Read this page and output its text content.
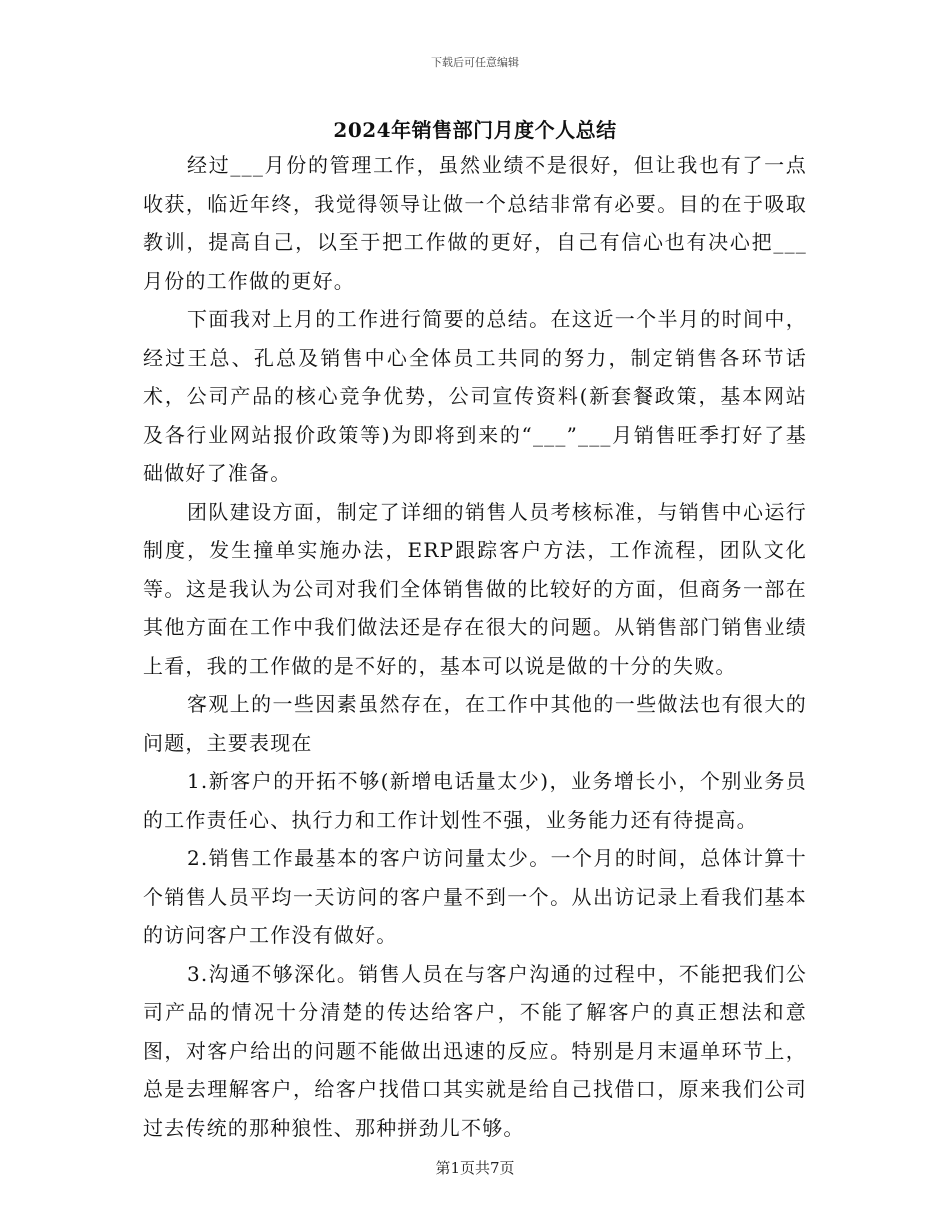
下载后可任意编辑
2024年销售部门月度个人总结

经过___月份的管理工作，虽然业绩不是很好，但让我也有了一点收获，临近年终，我觉得领导让做一个总结非常有必要。目的在于吸取教训，提高自己，以至于把工作做的更好，自己有信心也有决心把___月份的工作做的更好。

下面我对上月的工作进行简要的总结。在这近一个半月的时间中，经过王总、孔总及销售中心全体员工共同的努力，制定销售各环节话术，公司产品的核心竞争优势，公司宣传资料(新套餐政策，基本网站及各行业网站报价政策等)为即将到来的“___”___月销售旺季打好了基础做好了准备。

团队建设方面，制定了详细的销售人员考核标准，与销售中心运行制度，发生撞单实施办法，ERP跟踪客户方法，工作流程，团队文化等。这是我认为公司对我们全体销售做的比较好的方面，但商务一部在其他方面在工作中我们做法还是存在很大的问题。从销售部门销售业绩上看，我的工作做的是不好的，基本可以说是做的十分的失败。

客观上的一些因素虽然存在，在工作中其他的一些做法也有很大的问题，主要表现在

1.新客户的开拓不够(新增电话量太少)，业务增长小，个别业务员的工作责任心、执行力和工作计划性不强，业务能力还有待提高。

2.销售工作最基本的客户访问量太少。一个月的时间，总体计算十个销售人员平均一天访问的客户量不到一个。从出访记录上看我们基本的访问客户工作没有做好。

3.沟通不够深化。销售人员在与客户沟通的过程中，不能把我们公司产品的情况十分清楚的传达给客户，不能了解客户的真正想法和意图，对客户给出的问题不能做出迅速的反应。特别是月末逼单环节上，总是去理解客户，给客户找借口其实就是给自己找借口，原来我们公司过去传统的那种狼性、那种拼劲儿不够。

第1页共7页
